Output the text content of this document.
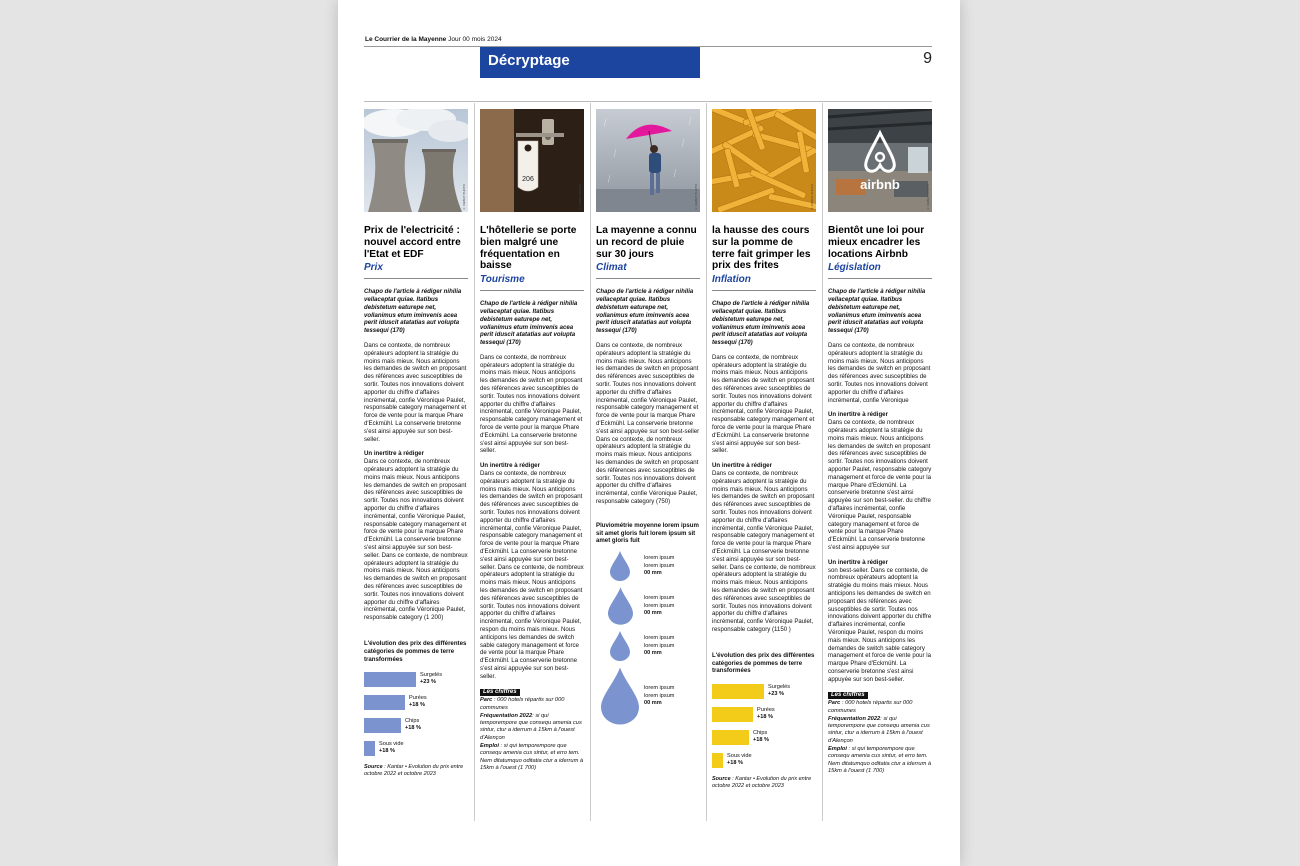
Le Courrier de la Mayenne Jour 00 mois 2024
Décryptage	9
© DEBUT PHOTO
Prix de l'electricité : nouvel accord entre l'Etat et EDF
Prix
Chapo de l'article à rédiger nihilia vellaceptat quiae. Itatibus debistetum eaturepe net, vollanimus etum iminvenis acea perit iduscit atatatias aut volupta tessequi (170)
Dans ce contexte, de nombreux opérateurs adoptent la stratégie du moins mais mieux. Nous anticipons les demandes de switch en proposant des références avec susceptibles de sortir. Toutes nos innovations doivent apporter du chiffre d'affaires incrémental, confie Véronique Paulet, responsable category management et force de vente pour la marque Phare d'Eckmühl. La conserverie bretonne s'est ainsi appuyée sur son best-seller.
Un inertitre à rédiger
Dans ce contexte, de nombreux opérateurs adoptent la stratégie du moins mais mieux. Nous anticipons les demandes de switch en proposant des références avec susceptibles de sortir. Toutes nos innovations doivent apporter du chiffre d'affaires incrémental, confie Véronique Paulet, responsable category management et force de vente pour la marque Phare d'Eckmühl. La conserverie bretonne s'est ainsi appuyée sur son best-seller. Dans ce contexte, de nombreux opérateurs adoptent la stratégie du moins mais mieux. Nous anticipons les demandes de switch en proposant des références avec susceptibles de sortir. Toutes nos innovations doivent apporter du chiffre d'affaires incrémental, confie Véronique Paulet, responsable category (1 200)
L'évolution des prix des différentes catégories de pommes de terre transformées
Surgelés
+23 %
Purées
+18 %
Chips
+18 %
Sous vide
+18 %
Source : Kantar • Evolution du prix entre octobre 2022 et octobre 2023
206
© DEBUT PHOTO
L'hôtellerie se porte bien malgré une fréquentation en baisse
Tourisme
Chapo de l'article à rédiger nihilia vellaceptat quiae. Itatibus debistetum eaturepe net, vollanimus etum iminvenis acea perit iduscit atatatias aut volupta tessequi (170)
Dans ce contexte, de nombreux opérateurs adoptent la stratégie du moins mais mieux. Nous anticipons les demandes de switch en proposant des références avec susceptibles de sortir. Toutes nos innovations doivent apporter du chiffre d'affaires incrémental, confie Véronique Paulet, responsable category management et force de vente pour la marque Phare d'Eckmühl. La conserverie bretonne s'est ainsi appuyée sur son best-seller.
Un inertitre à rédiger
Dans ce contexte, de nombreux opérateurs adoptent la stratégie du moins mais mieux. Nous anticipons les demandes de switch en proposant des références avec susceptibles de sortir. Toutes nos innovations doivent apporter du chiffre d'affaires incrémental, confie Véronique Paulet, responsable category management et force de vente pour la marque Phare d'Eckmühl. La conserverie bretonne s'est ainsi appuyée sur son best-seller. Dans ce contexte, de nombreux opérateurs adoptent la stratégie du moins mais mieux. Nous anticipons les demandes de switch en proposant des références avec susceptibles de sortir. Toutes nos innovations doivent apporter du chiffre d'affaires incrémental, confie Véronique Paulet, respon du moins mais mieux. Nous anticipons les demandes de switch sable category management et force de vente pour la marque Phare d'Eckmühl. La conserverie bretonne s'est ainsi appuyée sur son best-seller.
Les chiffres

Parc : 000 hotels répartis sur 000 communes

Fréquentation 2022: si qui temporempore que consequ amenia cus sintur, ctur a iderrum à 15km à l'ouest d'Alençon

Emploi : si qui temporempore que consequ amenia cus sintur, et erro tem. Nem ditatumquo oditatia ctur a iderrum à 15km à l'ouest (1 700)

© DEBUT PHOTO
La mayenne a connu un record de pluie sur 30 jours
Climat
Chapo de l'article à rédiger nihilia vellaceptat quiae. Itatibus debistetum eaturepe net, vollanimus etum iminvenis acea perit iduscit atatatias aut volupta tessequi (170)
Dans ce contexte, de nombreux opérateurs adoptent la stratégie du moins mais mieux. Nous anticipons les demandes de switch en proposant des références avec susceptibles de sortir. Toutes nos innovations doivent apporter du chiffre d'affaires incrémental, confie Véronique Paulet, responsable category management et force de vente pour la marque Phare d'Eckmühl. La conserverie bretonne s'est ainsi appuyée sur son best-seller Dans ce contexte, de nombreux opérateurs adoptent la stratégie du moins mais mieux. Nous anticipons les demandes de switch en proposant des références avec susceptibles de sortir. Toutes nos innovations doivent apporter du chiffre d'affaires incrémental, confie Véronique Paulet, responsable category (750)
Pluviométrie moyenne lorem ipsum sit amet gloris fuit lorem ipsum sit amet gloris fuit
lorem ipsum
lorem ipsum
00 mm
lorem ipsum
lorem ipsum
00 mm
lorem ipsum
lorem ipsum
00 mm
lorem ipsum
lorem ipsum
00 mm
© DEBUT PHOTO
la hausse des cours sur la pomme de terre fait grimper les prix des frites
Inflation
Chapo de l'article à rédiger nihilia vellaceptat quiae. Itatibus debistetum eaturepe net, vollanimus etum iminvenis acea perit iduscit atatatias aut volupta tessequi (170)
Dans ce contexte, de nombreux opérateurs adoptent la stratégie du moins mais mieux. Nous anticipons les demandes de switch en proposant des références avec susceptibles de sortir. Toutes nos innovations doivent apporter du chiffre d'affaires incrémental, confie Véronique Paulet, responsable category management et force de vente pour la marque Phare d'Eckmühl. La conserverie bretonne s'est ainsi appuyée sur son best-seller.
Un inertitre à rédiger
Dans ce contexte, de nombreux opérateurs adoptent la stratégie du moins mais mieux. Nous anticipons les demandes de switch en proposant des références avec susceptibles de sortir. Toutes nos innovations doivent apporter du chiffre d'affaires incrémental, confie Véronique Paulet, responsable category management et force de vente pour la marque Phare d'Eckmühl. La conserverie bretonne s'est ainsi appuyée sur son best-seller. Dans ce contexte, de nombreux opérateurs adoptent la stratégie du moins mais mieux. Nous anticipons les demandes de switch en proposant des références avec susceptibles de sortir. Toutes nos innovations doivent apporter du chiffre d'affaires incrémental, confie Véronique Paulet, responsable category (1150 )
L'évolution des prix des différentes catégories de pommes de terre transformées
Surgelés
+23 %
Purées
+18 %
Chips
+18 %
Sous vide
+18 %
Source : Kantar • Evolution du prix entre octobre 2022 et octobre 2023
airbnb	© DEBUT PHOTO
Bientôt une loi pour mieux encadrer les locations Airbnb
Législation
Chapo de l'article à rédiger nihilia vellaceptat quiae. Itatibus debistetum eaturepe net, vollanimus etum iminvenis acea perit iduscit atatatias aut volupta tessequi (170)
Dans ce contexte, de nombreux opérateurs adoptent la stratégie du moins mais mieux. Nous anticipons les demandes de switch en proposant des références avec susceptibles de sortir. Toutes nos innovations doivent apporter du chiffre d'affaires incrémental, confie Véronique
Un inertitre à rédiger
Dans ce contexte, de nombreux opérateurs adoptent la stratégie du moins mais mieux. Nous anticipons les demandes de switch en proposant des références avec susceptibles de sortir. Toutes nos innovations doivent apporter Paulet, responsable category management et force de vente pour la marque Phare d'Eckmühl. La conserverie bretonne s'est ainsi appuyée sur son best-seller. du chiffre d'affaires incrémental, confie Véronique Paulet, responsable category management et force de vente pour la marque Phare d'Eckmühl. La conserverie bretonne s'est ainsi appuyée sur
Un inertitre à rédiger
son best-seller. Dans ce contexte, de nombreux opérateurs adoptent la stratégie du moins mais mieux. Nous anticipons les demandes de switch en proposant des références avec susceptibles de sortir. Toutes nos innovations doivent apporter du chiffre d'affaires incrémental, confie Véronique Paulet, respon du moins mais mieux. Nous anticipons les demandes de switch sable category management et force de vente pour la marque Phare d'Eckmühl. La conserverie bretonne s'est ainsi appuyée sur son best-seller.
Les chiffres

Parc : 000 hotels répartis sur 000 communes

Fréquentation 2022: si qui temporempore que consequ amenia cus sintur, ctur a iderrum à 15km à l'ouest d'Alençon

Emploi : si qui temporempore que consequ amenia cus sintur, et erro tem. Nem ditatumquo oditatia ctur a iderrum à 15km à l'ouest (1 700)
